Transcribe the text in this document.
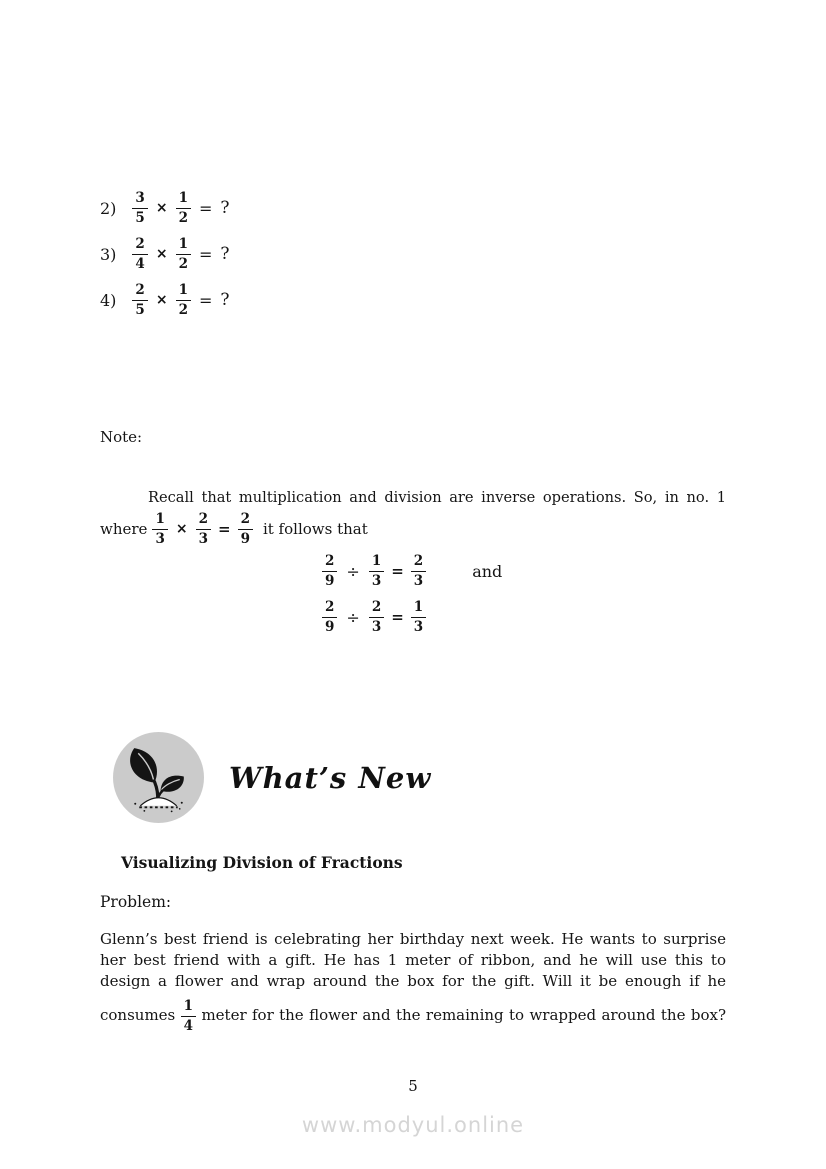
$2) \frac{3}{5} \times \frac{1}{2}$ = ?
$3) \frac{2}{4} \times \frac{1}{2}$ = ?
$4) \frac{2}{5} \times \frac{1}{2}$ = ?
Note:
Recall that multiplication and division are inverse operations. So, in no. 1
where $\frac{1}{3} \times \frac{2}{3} = \frac{2}{9}$ it follows that
$\frac{2}{9} \div \frac{1}{3} = \frac{2}{3}$	and
$\frac{2}{9} \div \frac{2}{3} = \frac{1}{3}$
What’s New
Visualizing Division of Fractions
Problem:
Glenn’s best friend is celebrating her birthday next week. He wants to surprise
her best friend with a gift. He has 1 meter of ribbon, and he will use this to
design a flower and wrap around the box for the gift. Will it be enough if he
consumes $\frac{1}{4}$ meter for the flower and the remaining to wrapped around the box?
5
www.modyul.online
